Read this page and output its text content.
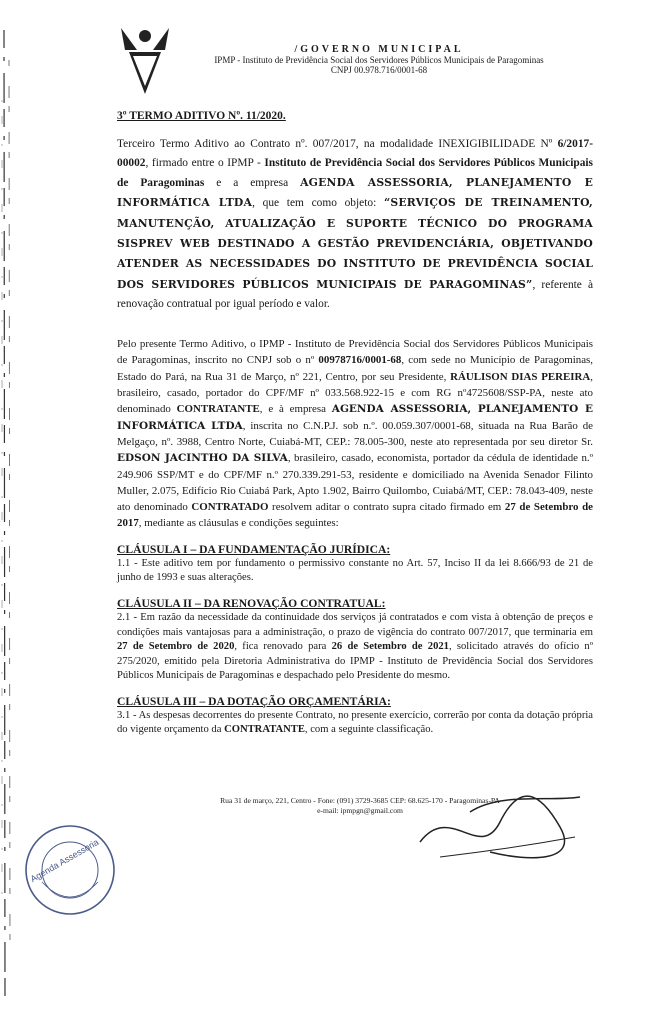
/GOVERNO MUNICIPAL
IPMP - Instituto de Previdência Social dos Servidores Públicos Municipais de Paragominas
CNPJ 00.978.716/0001-68
3º TERMO ADITIVO Nº. 11/2020.

Terceiro Termo Aditivo ao Contrato nº. 007/2017, na modalidade INEXIGIBILIDADE Nº 6/2017-00002, firmado entre o IPMP - Instituto de Previdência Social dos Servidores Públicos Municipais de Paragominas e a empresa AGENDA ASSESSORIA, PLANEJAMENTO E INFORMÁTICA LTDA, que tem como objeto: “SERVIÇOS DE TREINAMENTO, MANUTENÇÃO, ATUALIZAÇÃO E SUPORTE TÉCNICO DO PROGRAMA SISPREV WEB DESTINADO A GESTÃO PREVIDENCIÁRIA, OBJETIVANDO ATENDER AS NECESSIDADES DO INSTITUTO DE PREVIDÊNCIA SOCIAL DOS SERVIDORES PÚBLICOS MUNICIPAIS DE PARAGOMINAS”, referente à renovação contratual por igual período e valor.

Pelo presente Termo Aditivo, o IPMP - Instituto de Previdência Social dos Servidores Públicos Municipais de Paragominas, inscrito no CNPJ sob o nº 00978716/0001-68, com sede no Município de Paragominas, Estado do Pará, na Rua 31 de Março, nº 221, Centro, por seu Presidente, RÁULISON DIAS PEREIRA, brasileiro, casado, portador do CPF/MF nº 033.568.922-15 e com RG nº4725608/SSP-PA, neste ato denominado CONTRATANTE, e à empresa AGENDA ASSESSORIA, PLANEJAMENTO E INFORMÁTICA LTDA, inscrita no C.N.P.J. sob n.º. 00.059.307/0001-68, situada na Rua Barão de Melgaço, nº. 3988, Centro Norte, Cuiabá-MT, CEP.: 78.005-300, neste ato representada por seu diretor Sr. EDSON JACINTHO DA SILVA, brasileiro, casado, economista, portador da cédula de identidade n.º 249.906 SSP/MT e do CPF/MF n.º 270.339.291-53, residente e domiciliado na Avenida Senador Filinto Muller, 2.075, Edifício Rio Cuiabá Park, Apto 1.902, Bairro Quilombo, Cuiabá/MT, CEP.: 78.043-409, neste ato denominado CONTRATADO resolvem aditar o contrato supra citado firmado em 27 de Setembro de 2017, mediante as cláusulas e condições seguintes:

CLÁUSULA I – DA FUNDAMENTAÇÃO JURÍDICA:

1.1 - Este aditivo tem por fundamento o permissivo constante no Art. 57, Inciso II da lei 8.666/93 de 21 de junho de 1993 e suas alterações.

CLÁUSULA II – DA RENOVAÇÃO CONTRATUAL:

2.1 - Em razão da necessidade da continuidade dos serviços já contratados e com vista à obtenção de preços e condições mais vantajosas para a administração, o prazo de vigência do contrato 007/2017, que terminaria em 27 de Setembro de 2020, fica renovado para 26 de Setembro de 2021, solicitado através do ofício nº 275/2020, emitido pela Diretoria Administrativa do IPMP - Instituto de Previdência Social dos Servidores Públicos Municipais de Paragominas e despachado pelo Presidente do mesmo.

CLÁUSULA III – DA DOTAÇÃO ORÇAMENTÁRIA:

3.1 - As despesas decorrentes do presente Contrato, no presente exercício, correrão por conta da dotação própria do vigente orçamento da CONTRATANTE, com a seguinte classificação.

Rua 31 de março, 221, Centro - Fone: (091) 3729-3685 CEP: 68.625-170 - Paragominas-PA
e-mail: ipmpgn@gmail.com
Agenda Assessoria
